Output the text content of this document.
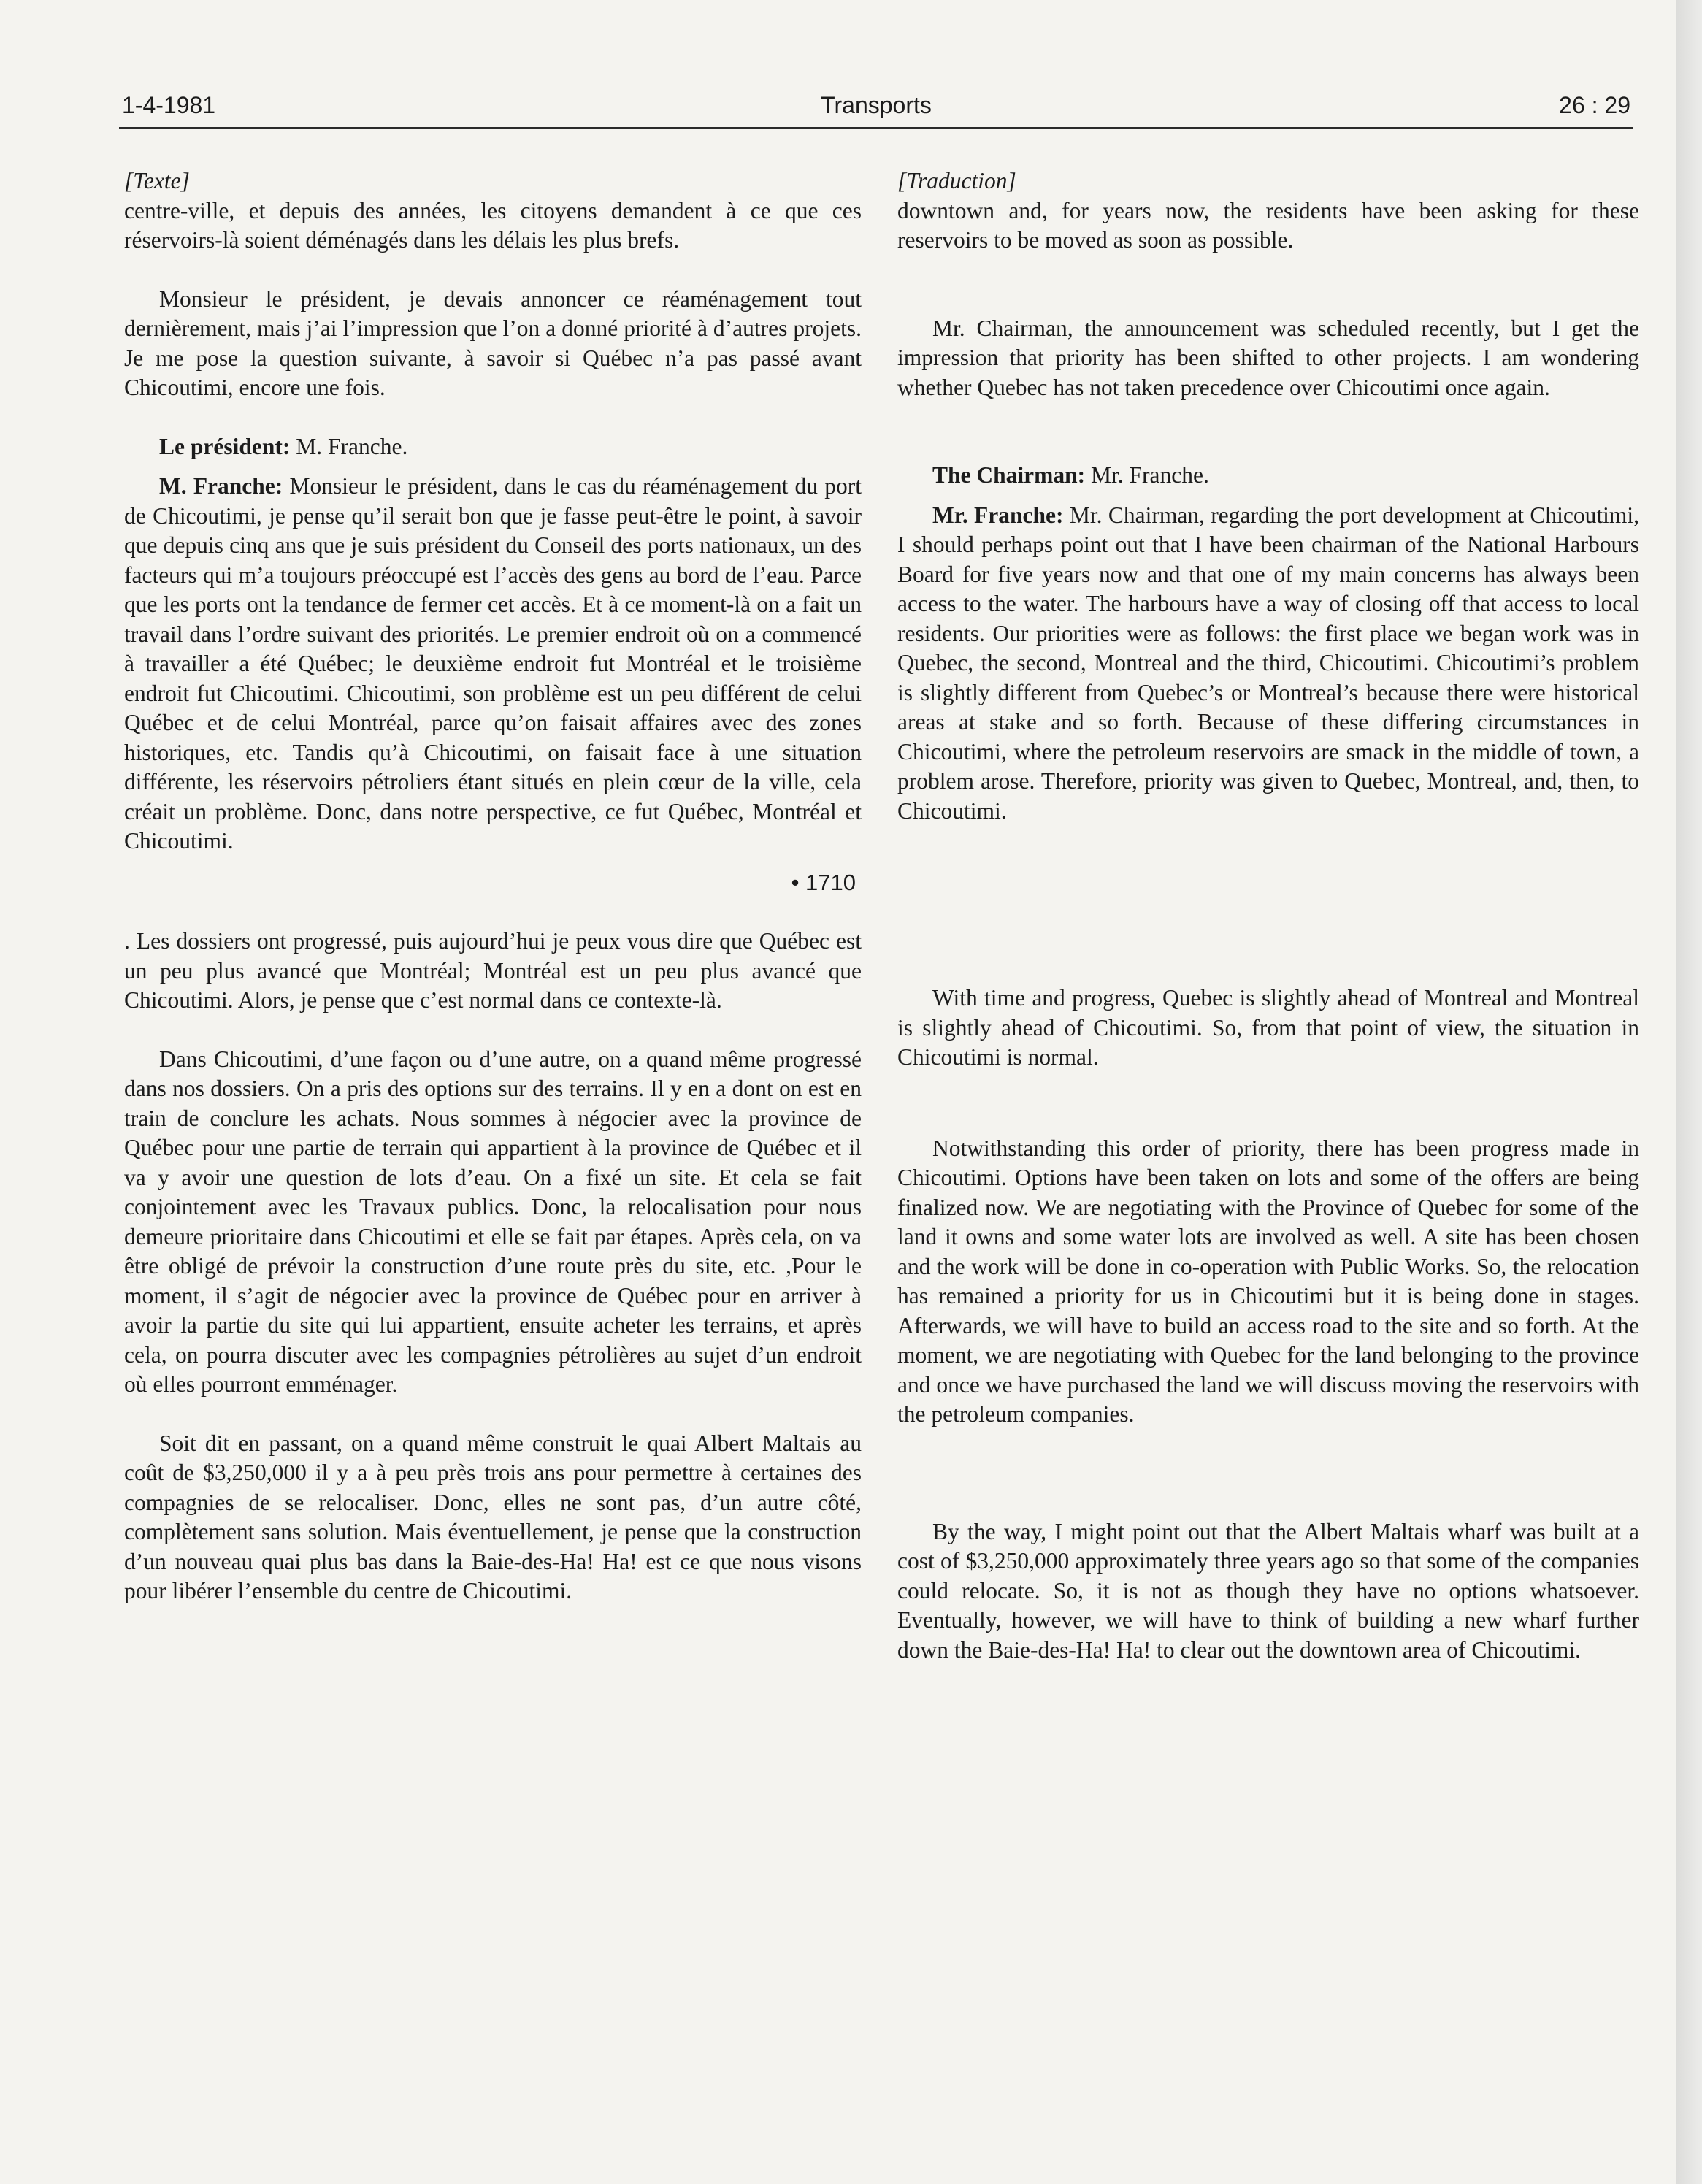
1-4-1981	Transports	26 : 29

[Texte]

centre-ville, et depuis des années, les citoyens demandent à ce que ces réservoirs-là soient déménagés dans les délais les plus brefs.

Monsieur le président, je devais annoncer ce réaménagement tout dernièrement, mais j’ai l’impression que l’on a donné priorité à d’autres projets. Je me pose la question suivante, à savoir si Québec n’a pas passé avant Chicoutimi, encore une fois.

Le président: M. Franche.

M. Franche: Monsieur le président, dans le cas du réaménagement du port de Chicoutimi, je pense qu’il serait bon que je fasse peut-être le point, à savoir que depuis cinq ans que je suis président du Conseil des ports nationaux, un des facteurs qui m’a toujours préoccupé est l’accès des gens au bord de l’eau. Parce que les ports ont la tendance de fermer cet accès. Et à ce moment-là on a fait un travail dans l’ordre suivant des priorités. Le premier endroit où on a commencé à travailler a été Québec; le deuxième endroit fut Montréal et le troisième endroit fut Chicoutimi. Chicoutimi, son problème est un peu différent de celui Québec et de celui Montréal, parce qu’on faisait affaires avec des zones historiques, etc. Tandis qu’à Chicoutimi, on faisait face à une situation différente, les réservoirs pétroliers étant situés en plein cœur de la ville, cela créait un problème. Donc, dans notre perspective, ce fut Québec, Montréal et Chicoutimi.

• 1710

. Les dossiers ont progressé, puis aujourd’hui je peux vous dire que Québec est un peu plus avancé que Montréal; Montréal est un peu plus avancé que Chicoutimi. Alors, je pense que c’est normal dans ce contexte-là.

Dans Chicoutimi, d’une façon ou d’une autre, on a quand même progressé dans nos dossiers. On a pris des options sur des terrains. Il y en a dont on est en train de conclure les achats. Nous sommes à négocier avec la province de Québec pour une partie de terrain qui appartient à la province de Québec et il va y avoir une question de lots d’eau. On a fixé un site. Et cela se fait conjointement avec les Travaux publics. Donc, la relocalisation pour nous demeure prioritaire dans Chicoutimi et elle se fait par étapes. Après cela, on va être obligé de prévoir la construction d’une route près du site, etc. ,Pour le moment, il s’agit de négocier avec la province de Québec pour en arriver à avoir la partie du site qui lui appartient, ensuite acheter les terrains, et après cela, on pourra discuter avec les compagnies pétrolières au sujet d’un endroit où elles pourront emménager.

Soit dit en passant, on a quand même construit le quai Albert Maltais au coût de $3,250,000 il y a à peu près trois ans pour permettre à certaines des compagnies de se relocaliser. Donc, elles ne sont pas, d’un autre côté, complètement sans solution. Mais éventuellement, je pense que la construction d’un nouveau quai plus bas dans la Baie-des-Ha! Ha! est ce que nous visons pour libérer l’ensemble du centre de Chicoutimi.

[Traduction]

downtown and, for years now, the residents have been asking for these reservoirs to be moved as soon as possible.

Mr. Chairman, the announcement was scheduled recently, but I get the impression that priority has been shifted to other projects. I am wondering whether Quebec has not taken precedence over Chicoutimi once again.

The Chairman: Mr. Franche.

Mr. Franche: Mr. Chairman, regarding the port development at Chicoutimi, I should perhaps point out that I have been chairman of the National Harbours Board for five years now and that one of my main concerns has always been access to the water. The harbours have a way of closing off that access to local residents. Our priorities were as follows: the first place we began work was in Quebec, the second, Montreal and the third, Chicoutimi. Chicoutimi’s problem is slightly different from Quebec’s or Montreal’s because there were historical areas at stake and so forth. Because of these differing circumstances in Chicoutimi, where the petroleum reservoirs are smack in the middle of town, a problem arose. Therefore, priority was given to Quebec, Montreal, and, then, to Chicoutimi.

With time and progress, Quebec is slightly ahead of Montreal and Montreal is slightly ahead of Chicoutimi. So, from that point of view, the situation in Chicoutimi is normal.

Notwithstanding this order of priority, there has been progress made in Chicoutimi. Options have been taken on lots and some of the offers are being finalized now. We are negotiating with the Province of Quebec for some of the land it owns and some water lots are involved as well. A site has been chosen and the work will be done in co-operation with Public Works. So, the relocation has remained a priority for us in Chicoutimi but it is being done in stages. Afterwards, we will have to build an access road to the site and so forth. At the moment, we are negotiating with Quebec for the land belonging to the province and once we have purchased the land we will discuss moving the reservoirs with the petroleum companies.

By the way, I might point out that the Albert Maltais wharf was built at a cost of $3,250,000 approximately three years ago so that some of the companies could relocate. So, it is not as though they have no options whatsoever. Eventually, however, we will have to think of building a new wharf further down the Baie-des-Ha! Ha! to clear out the downtown area of Chicoutimi.
